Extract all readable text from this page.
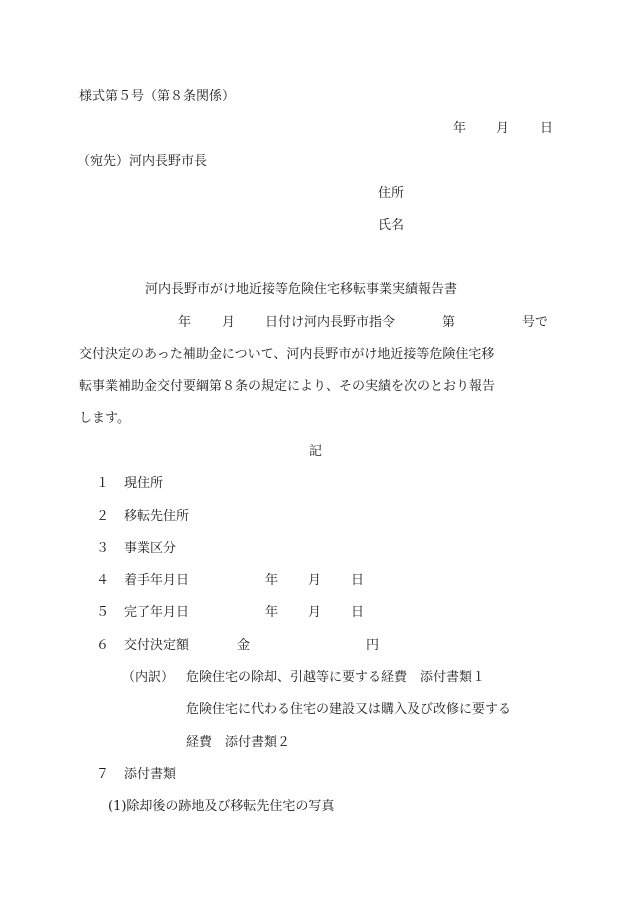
様式第５号（第８条関係）
年 月 日
（宛先）河内長野市長
住所
氏名
河内長野市がけ地近接等危険住宅移転事業実績報告書
年 月 日付け河内長野市指令	第	号で
交付決定のあった補助金について、河内長野市がけ地近接等危険住宅移
転事業補助金交付要綱第８条の規定により、その実績を次のとおり報告
します。
記
１ 現住所
２ 移転先住所
３ 事業区分
４ 着手年月日	年 月 日
５ 完了年月日	年 月 日
６ 交付決定額	金	円
（内訳） 危険住宅の除却、引越等に要する経費　添付書類１
危険住宅に代わる住宅の建設又は購入及び改修に要する
経費　添付書類２
７ 添付書類
(1)除却後の跡地及び移転先住宅の写真
